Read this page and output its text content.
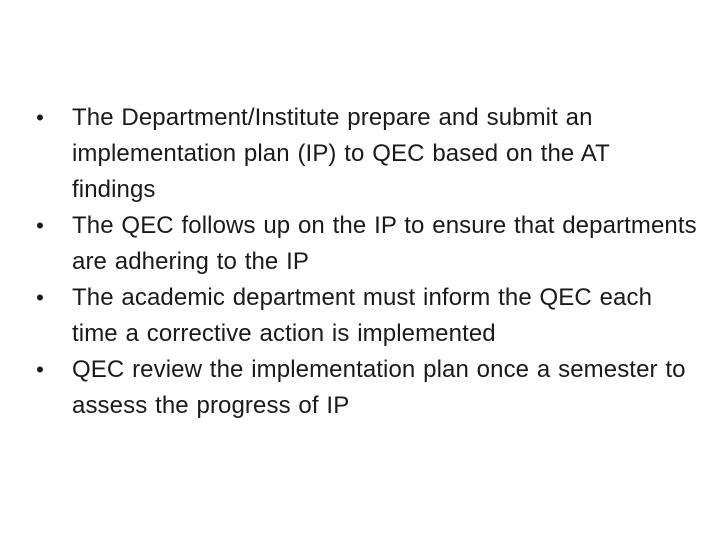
• The Department/Institute prepare and submit an implementation plan (IP) to QEC based on the AT findings
• The QEC follows up on the IP to ensure that departments are adhering to the IP
• The academic department must inform the QEC each time a corrective action is implemented
• QEC review the implementation plan once a semester to assess the progress of IP
